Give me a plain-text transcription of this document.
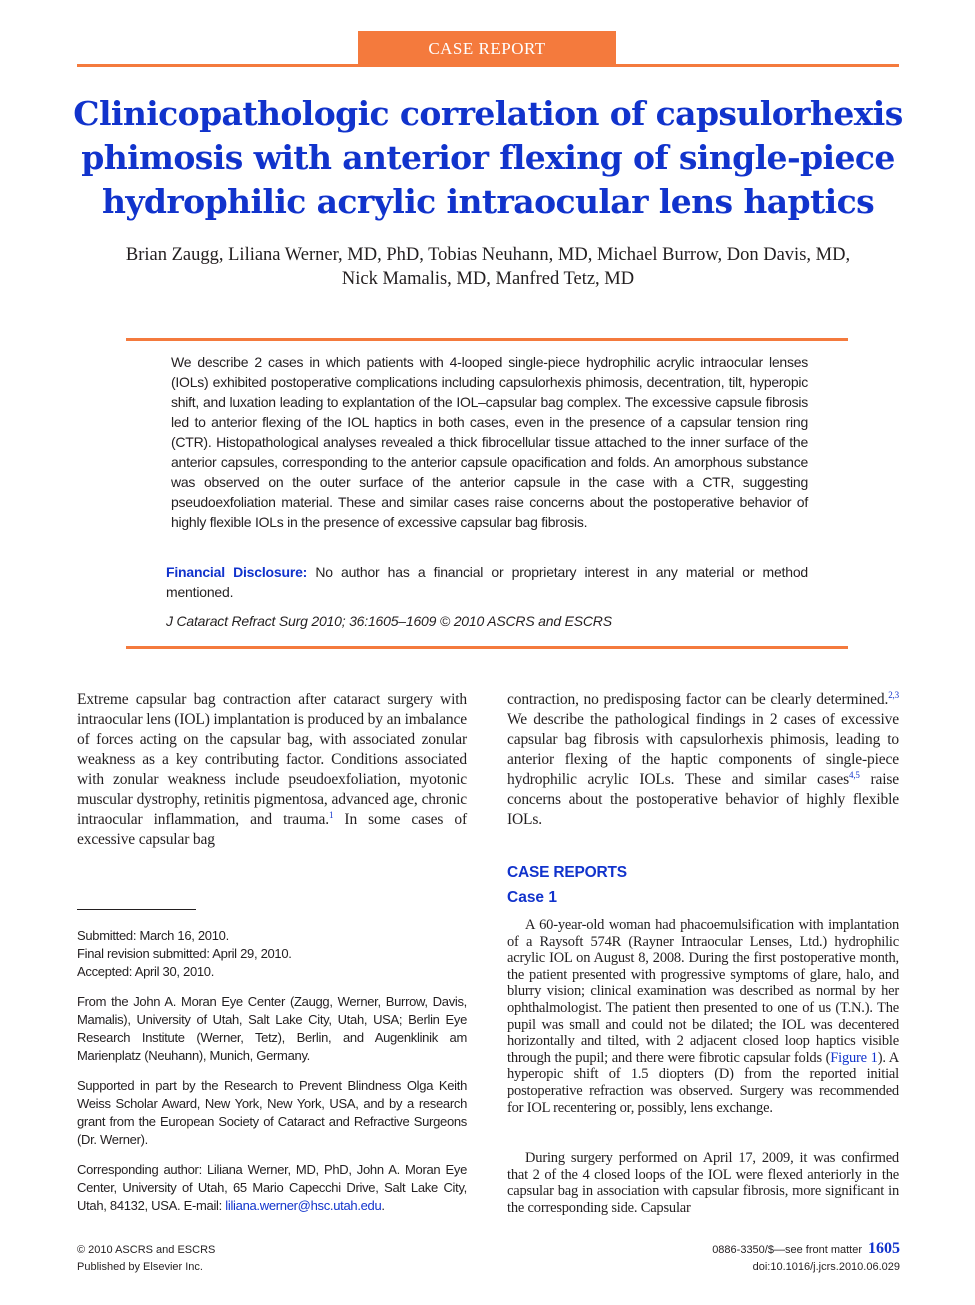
CASE REPORT
Clinicopathologic correlation of capsulorhexis
phimosis with anterior flexing of single-piece
hydrophilic acrylic intraocular lens haptics
Brian Zaugg, Liliana Werner, MD, PhD, Tobias Neuhann, MD, Michael Burrow, Don Davis, MD,
Nick Mamalis, MD, Manfred Tetz, MD
We describe 2 cases in which patients with 4-looped single-piece hydrophilic acrylic intraocular lenses (IOLs) exhibited postoperative complications including capsulorhexis phimosis, decentration, tilt, hyperopic shift, and luxation leading to explantation of the IOL–capsular bag complex. The excessive capsule fibrosis led to anterior flexing of the IOL haptics in both cases, even in the presence of a capsular tension ring (CTR). Histopathological analyses revealed a thick fibrocellular tissue attached to the inner surface of the anterior capsules, corresponding to the anterior capsule opacification and folds. An amorphous substance was observed on the outer surface of the anterior capsule in the case with a CTR, suggesting pseudoexfoliation material. These and similar cases raise concerns about the postoperative behavior of highly flexible IOLs in the presence of excessive capsular bag fibrosis.
Financial Disclosure: No author has a financial or proprietary interest in any material or method mentioned.
J Cataract Refract Surg 2010; 36:1605–1609 © 2010 ASCRS and ESCRS
Extreme capsular bag contraction after cataract surgery with intraocular lens (IOL) implantation is produced by an imbalance of forces acting on the capsular bag, with associated zonular weakness as a key contributing factor. Conditions associated with zonular weakness include pseudoexfoliation, myotonic muscular dystrophy, retinitis pigmentosa, advanced age, chronic intraocular inflammation, and trauma.$^1$ In some cases of excessive capsular bag
Submitted: March 16, 2010.
Final revision submitted: April 29, 2010.
Accepted: April 30, 2010.
From the John A. Moran Eye Center (Zaugg, Werner, Burrow, Davis, Mamalis), University of Utah, Salt Lake City, Utah, USA; Berlin Eye Research Institute (Werner, Tetz), Berlin, and Augenklinik am Marienplatz (Neuhann), Munich, Germany.
Supported in part by the Research to Prevent Blindness Olga Keith Weiss Scholar Award, New York, New York, USA, and by a research grant from the European Society of Cataract and Refractive Surgeons (Dr. Werner).
Corresponding author: Liliana Werner, MD, PhD, John A. Moran Eye Center, University of Utah, 65 Mario Capecchi Drive, Salt Lake City, Utah, 84132, USA. E-mail: liliana.werner@hsc.utah.edu.
contraction, no predisposing factor can be clearly determined.$^{2,3}$ We describe the pathological findings in 2 cases of excessive capsular bag fibrosis with capsulorhexis phimosis, leading to anterior flexing of the haptic components of single-piece hydrophilic acrylic IOLs. These and similar cases$^{4,5}$ raise concerns about the postoperative behavior of highly flexible IOLs.
CASE REPORTS
Case 1
A 60-year-old woman had phacoemulsification with implantation of a Raysoft 574R (Rayner Intraocular Lenses, Ltd.) hydrophilic acrylic IOL on August 8, 2008. During the first postoperative month, the patient presented with progressive symptoms of glare, halo, and blurry vision; clinical examination was described as normal by her ophthalmologist. The patient then presented to one of us (T.N.). The pupil was small and could not be dilated; the IOL was decentered horizontally and tilted, with 2 adjacent closed loop haptics visible through the pupil; and there were fibrotic capsular folds (Figure 1). A hyperopic shift of 1.5 diopters (D) from the reported initial postoperative refraction was observed. Surgery was recommended for IOL recentering or, possibly, lens exchange.
During surgery performed on April 17, 2009, it was confirmed that 2 of the 4 closed loops of the IOL were flexed anteriorly in the capsular bag in association with capsular fibrosis, more significant in the corresponding side. Capsular
© 2010 ASCRS and ESCRS
Published by Elsevier Inc.
0886-3350/$—see front matter 1605
doi:10.1016/j.jcrs.2010.06.029
